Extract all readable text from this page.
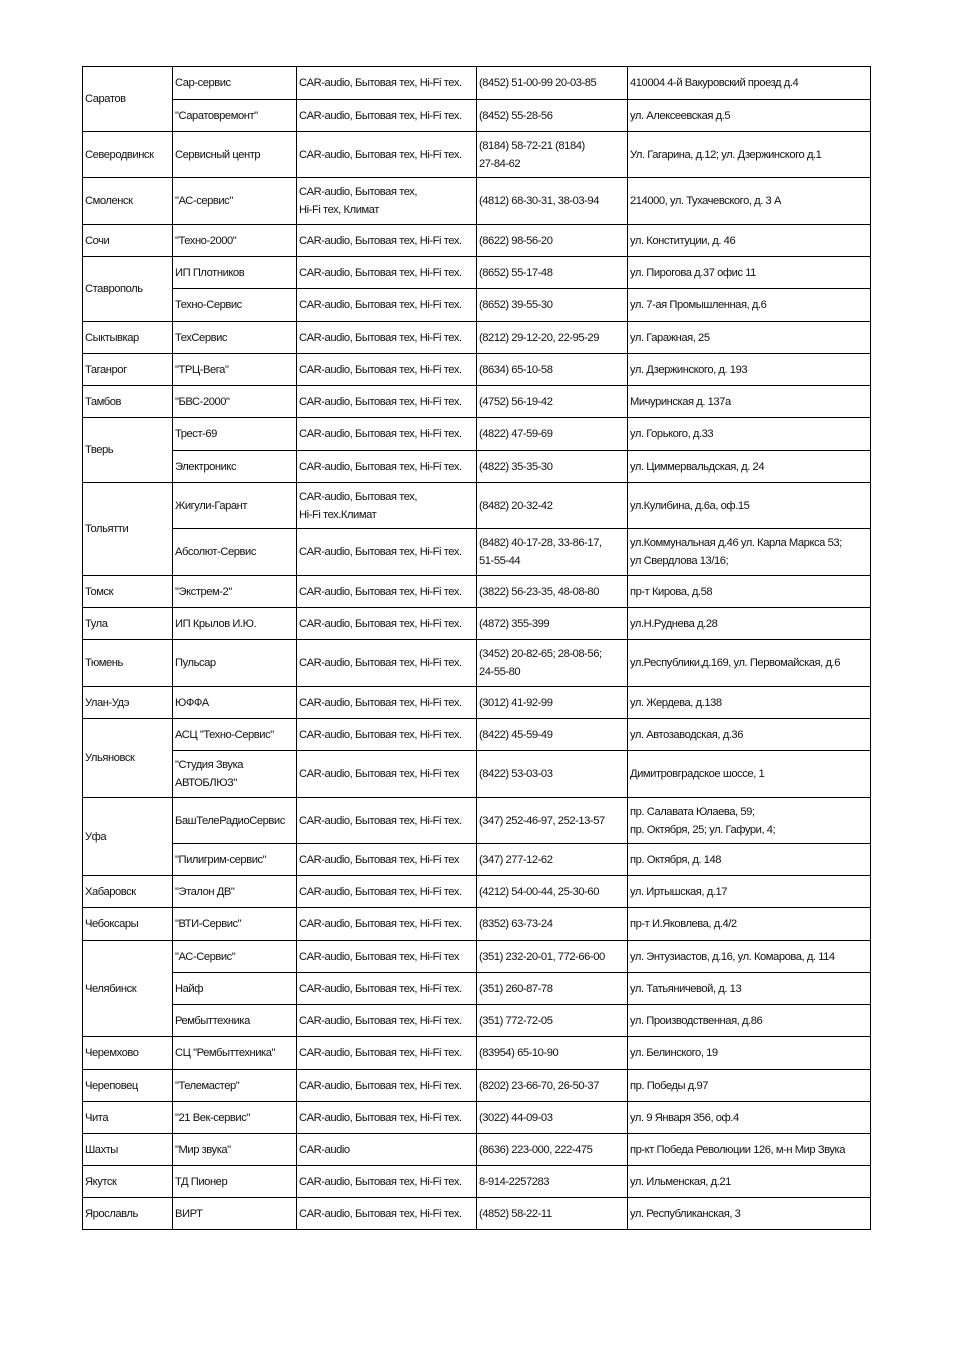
Саратов	Сар-сервис	CAR-audio, Бытовая тех, Hi-Fi тех.	(8452) 51-00-99 20-03-85	410004 4-й Вакуровский проезд д.4
	"Саратовремонт"	CAR-audio, Бытовая тех, Hi-Fi тех.	(8452) 55-28-56	ул. Алексеевская д.5
Северодвинск	Сервисный центр	CAR-audio, Бытовая тех, Hi-Fi тех.	(8184) 58-72-21 (8184)
27-84-62	Ул. Гагарина, д.12; ул. Дзержинского д.1
Смоленск	"АС-сервис"	CAR-audio, Бытовая тех,
Hi-Fi тех, Климат	(4812) 68-30-31, 38-03-94	214000, ул. Тухачевского, д. 3 А
Сочи	"Техно-2000"	CAR-audio, Бытовая тех, Hi-Fi тех.	(8622) 98-56-20	ул. Конституции, д. 46
Ставрополь	ИП Плотников	CAR-audio, Бытовая тех, Hi-Fi тех.	(8652) 55-17-48	ул. Пирогова д.37 офис 11
	Техно-Сервис	CAR-audio, Бытовая тех, Hi-Fi тех.	(8652) 39-55-30	ул. 7-ая Промышленная, д.6
Сыктывкар	ТехСервис	CAR-audio, Бытовая тех, Hi-Fi тех.	(8212) 29-12-20, 22-95-29	ул. Гаражная, 25
Таганрог	"ТРЦ-Вега"	CAR-audio, Бытовая тех, Hi-Fi тех.	(8634) 65-10-58	ул. Дзержинского, д. 193
Тамбов	"БВС-2000"	CAR-audio, Бытовая тех, Hi-Fi тех.	(4752) 56-19-42	Мичуринская д. 137а
Тверь	Трест-69	CAR-audio, Бытовая тех, Hi-Fi тех.	(4822) 47-59-69	ул. Горького, д.33
	Электроникс	CAR-audio, Бытовая тех, Hi-Fi тех.	(4822) 35-35-30	ул. Циммервальдская, д. 24
Тольятти	Жигули-Гарант	CAR-audio, Бытовая тех,
Hi-Fi тех.Климат	(8482) 20-32-42	ул.Кулибина, д.6а, оф.15
	Абсолют-Сервис	CAR-audio, Бытовая тех, Hi-Fi тех.	(8482) 40-17-28, 33-86-17,
51-55-44	ул.Коммунальная д.46 ул. Карла Маркса 53;
ул Свердлова 13/16;
Томск	"Экстрем-2"	CAR-audio, Бытовая тех, Hi-Fi тех.	(3822) 56-23-35, 48-08-80	пр-т Кирова, д.58
Тула	ИП Крылов И.Ю.	CAR-audio, Бытовая тех, Hi-Fi тех.	(4872) 355-399	ул.Н.Руднева д.28
Тюмень	Пульсар	CAR-audio, Бытовая тех, Hi-Fi тех.	(3452) 20-82-65; 28-08-56;
24-55-80	ул.Республики,д.169, ул. Первомайская, д.6
Улан-Удэ	ЮФФА	CAR-audio, Бытовая тех, Hi-Fi тех.	(3012) 41-92-99	ул. Жердева, д.138
Ульяновск	АСЦ "Техно-Сервис"	CAR-audio, Бытовая тех, Hi-Fi тех.	(8422) 45-59-49	ул. Автозаводская, д.36
	"Студия Звука
АВТОБЛЮЗ"	CAR-audio, Бытовая тех, Hi-Fi тех	(8422) 53-03-03	Димитровградское шоссе, 1
Уфа	БашТелеРадиоСервис	CAR-audio, Бытовая тех, Hi-Fi тех.	(347) 252-46-97, 252-13-57	пр. Салавата Юлаева, 59;
пр. Октября, 25; ул. Гафури, 4;
	"Пилигрим-сервис"	CAR-audio, Бытовая тех, Hi-Fi тех	(347) 277-12-62	пр. Октября, д. 148
Хабаровск	"Эталон ДВ"	CAR-audio, Бытовая тех, Hi-Fi тех.	(4212) 54-00-44, 25-30-60	ул. Иртышская, д.17
Чебоксары	"ВТИ-Сервис"	CAR-audio, Бытовая тех, Hi-Fi тех.	(8352) 63-73-24	пр-т И.Яковлева, д.4/2
Челябинск	"АС-Сервис"	CAR-audio, Бытовая тех, Hi-Fi тех	(351) 232-20-01, 772-66-00	ул. Энтузиастов, д.16, ул. Комарова, д. 114
	Найф	CAR-audio, Бытовая тех, Hi-Fi тех.	(351) 260-87-78	ул. Татьяничевой, д. 13
	Рембыттехника	CAR-audio, Бытовая тех, Hi-Fi тех.	(351) 772-72-05	ул. Производственная, д.86
Черемхово	СЦ "Рембыттехника"	CAR-audio, Бытовая тех, Hi-Fi тех.	(83954) 65-10-90	ул. Белинского, 19
Череповец	"Телемастер"	CAR-audio, Бытовая тех, Hi-Fi тех.	(8202) 23-66-70, 26-50-37	пр. Победы д.97
Чита	"21 Век-сервис"	CAR-audio, Бытовая тех, Hi-Fi тех.	(3022) 44-09-03	ул. 9 Января 356, оф.4
Шахты	"Мир звука"	CAR-audio	(8636) 223-000, 222-475	пр-кт Победа Революции 126, м-н Мир Звука
Якутск	ТД Пионер	CAR-audio, Бытовая тех, Hi-Fi тех.	8-914-2257283	ул. Ильменская, д.21
Ярославль	ВИРТ	CAR-audio, Бытовая тех, Hi-Fi тех.	(4852) 58-22-11	ул. Республиканская, 3
